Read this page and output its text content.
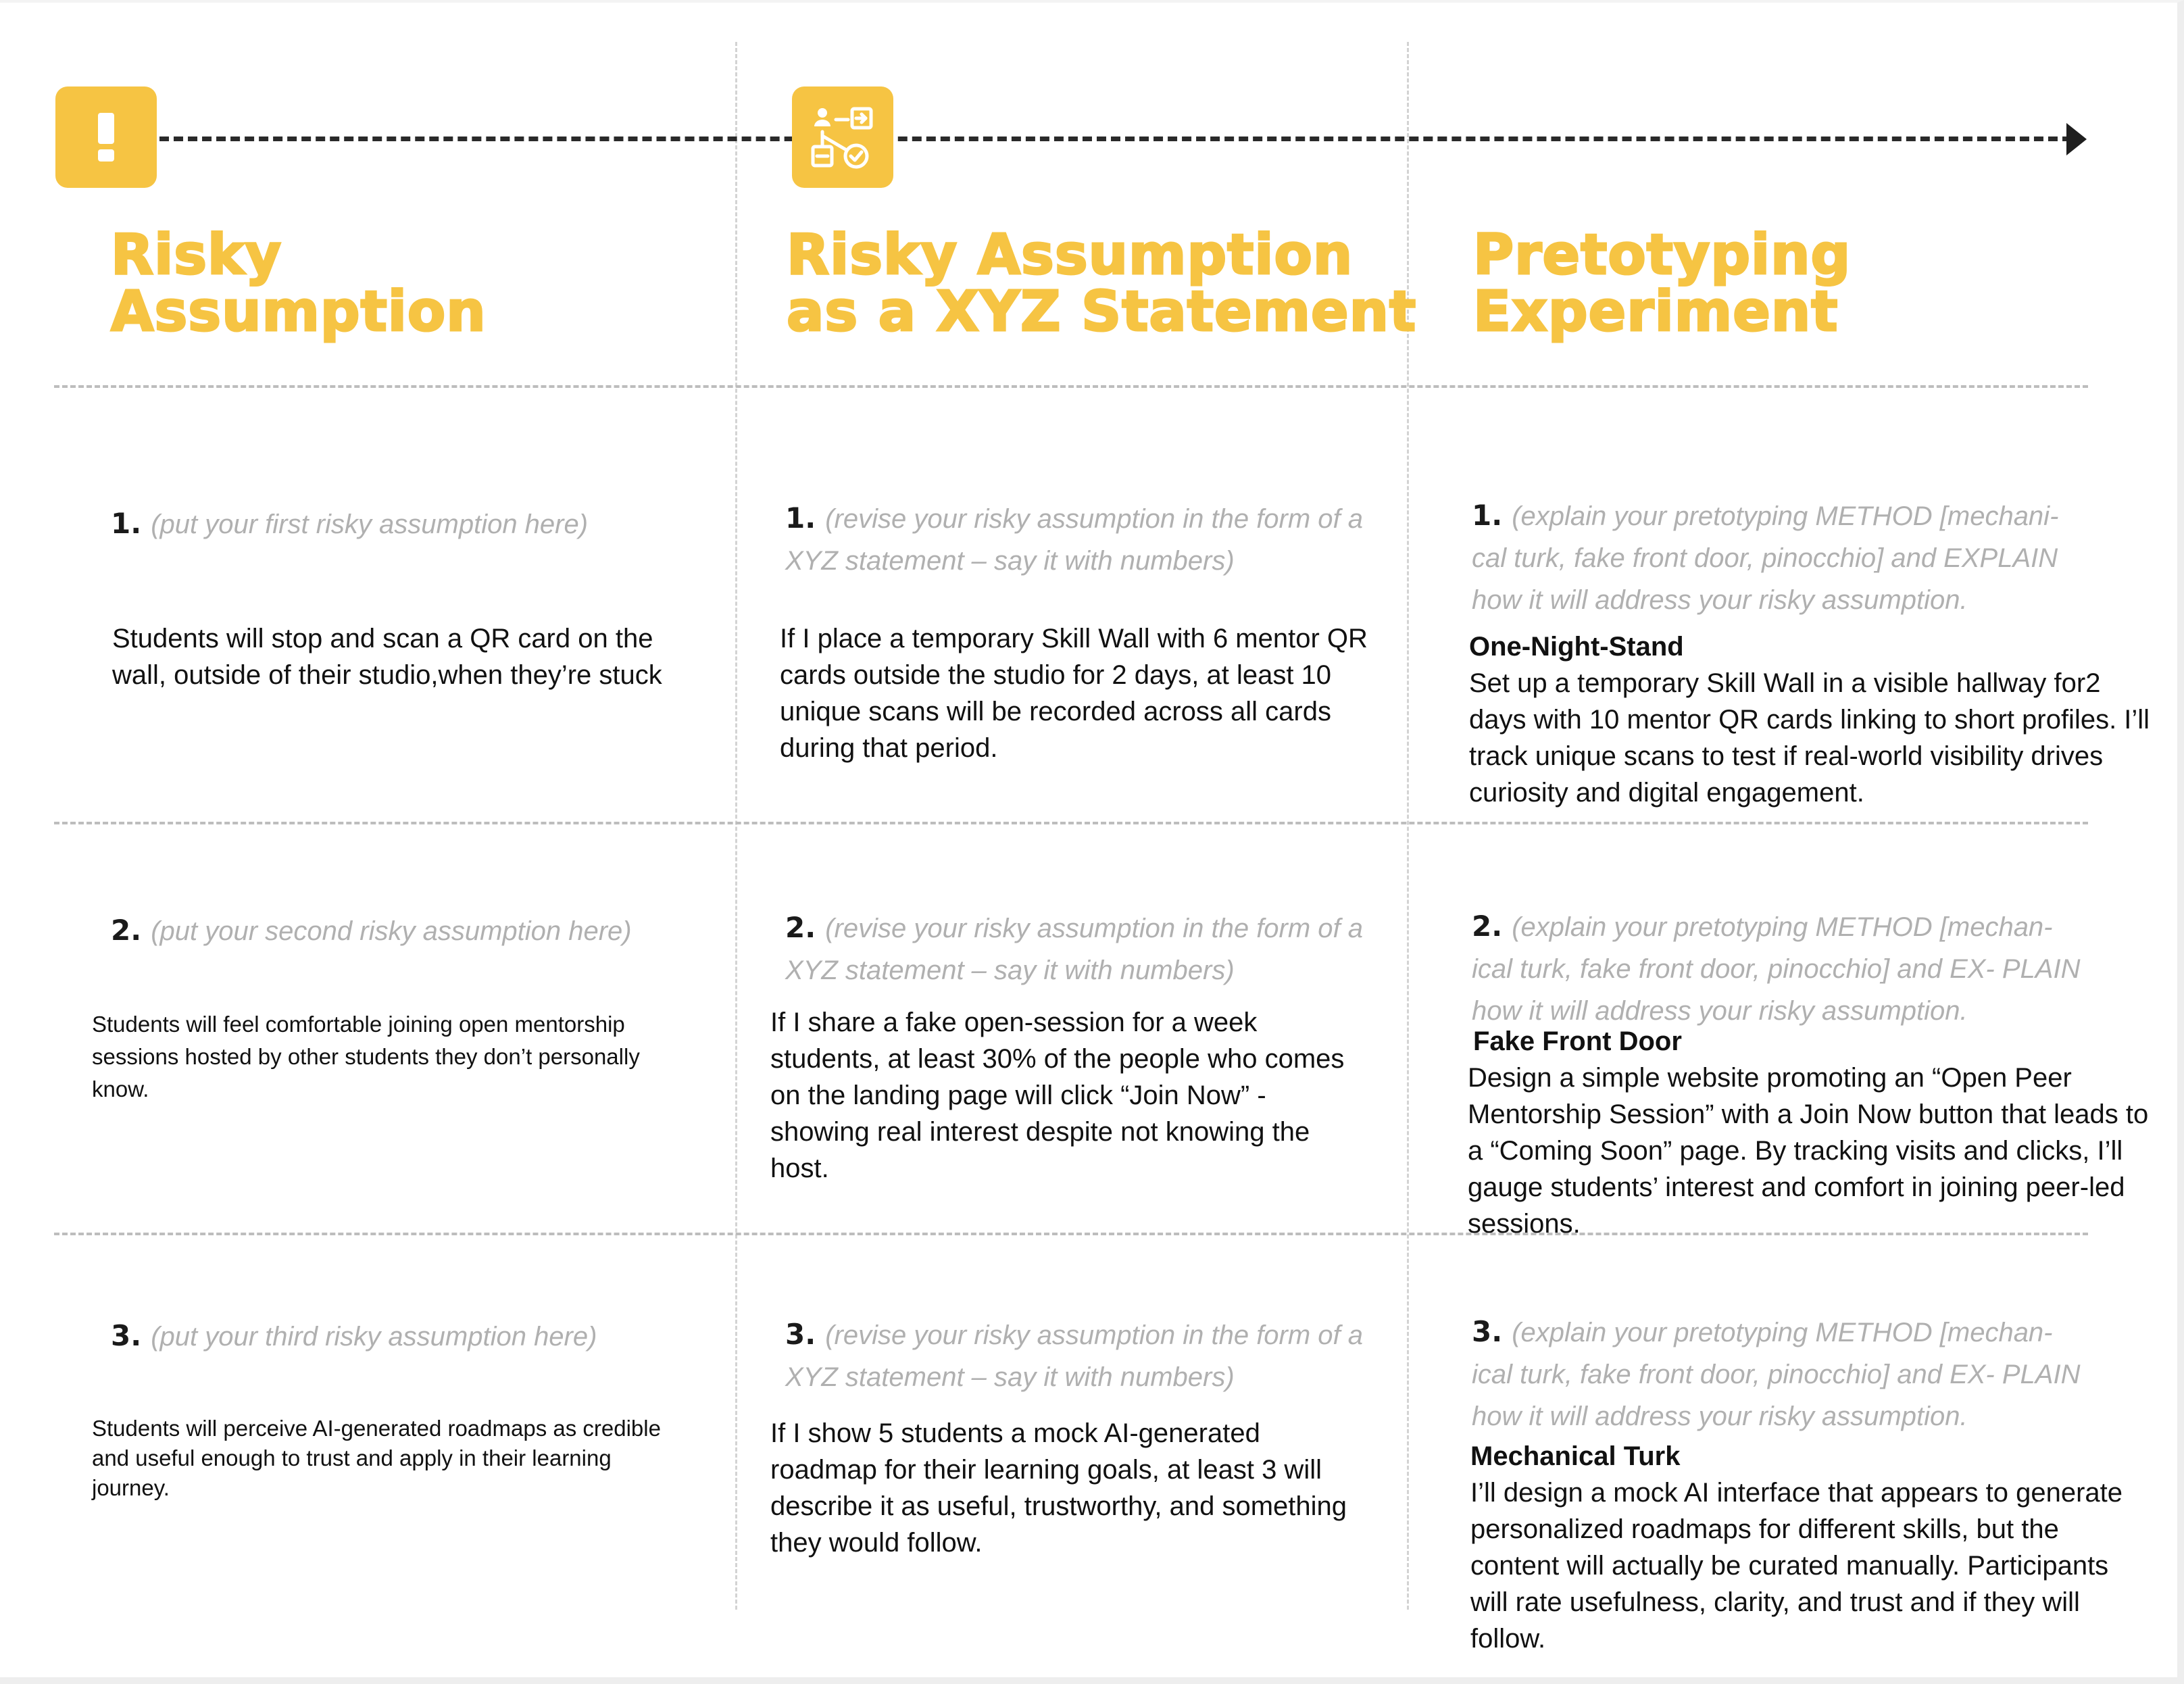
Risky
Assumption
Risky Assumption
as a XYZ Statement
Pretotyping
Experiment
1. (put your first risky assumption here)
Students will stop and scan a QR card on the wall, outside of their studio,when they’re stuck
1. (revise your risky assumption in the form of a XYZ statement – say it with numbers)
If I place a temporary Skill Wall with 6 mentor QR cards outside the studio for 2 days, at least 10 unique scans will be recorded across all cards during that period.
1. (explain your pretotyping METHOD [mechani- cal turk, fake front door, pinocchio] and EXPLAIN how it will address your risky assumption.
One-Night-Stand
Set up a temporary Skill Wall in a visible hallway for2 days with 10 mentor QR cards linking to short profiles. I’ll track unique scans to test if real-world visibility drives curiosity and digital engagement.
2. (put your second risky assumption here)
Students will feel comfortable joining open mentorship sessions hosted by other students they don’t personally know.
2. (revise your risky assumption in the form of a XYZ statement – say it with numbers)
If I share a fake open-session for a week students, at least 30% of the people who comes on the landing page will click “Join Now” - showing real interest despite not knowing the host.
2. (explain your pretotyping METHOD [mechan- ical turk, fake front door, pinocchio] and EX- PLAIN how it will address your risky assumption.
Fake Front Door
Design a simple website promoting an “Open Peer Mentorship Session” with a Join Now button that leads to a “Coming Soon” page. By tracking visits and clicks, I’ll gauge students’ interest and comfort in joining peer-led sessions.
3. (put your third risky assumption here)
Students will perceive AI-generated roadmaps as credible and useful enough to trust and apply in their learning journey.
3. (revise your risky assumption in the form of a XYZ statement – say it with numbers)
If I show 5 students a mock AI-generated roadmap for their learning goals, at least 3 will describe it as useful, trustworthy, and something they would follow.
3. (explain your pretotyping METHOD [mechan- ical turk, fake front door, pinocchio] and EX- PLAIN how it will address your risky assumption.
Mechanical Turk
I’ll design a mock AI interface that appears to generate personalized roadmaps for different skills, but the content will actually be curated manually. Participants will rate usefulness, clarity, and trust and if they will follow.
